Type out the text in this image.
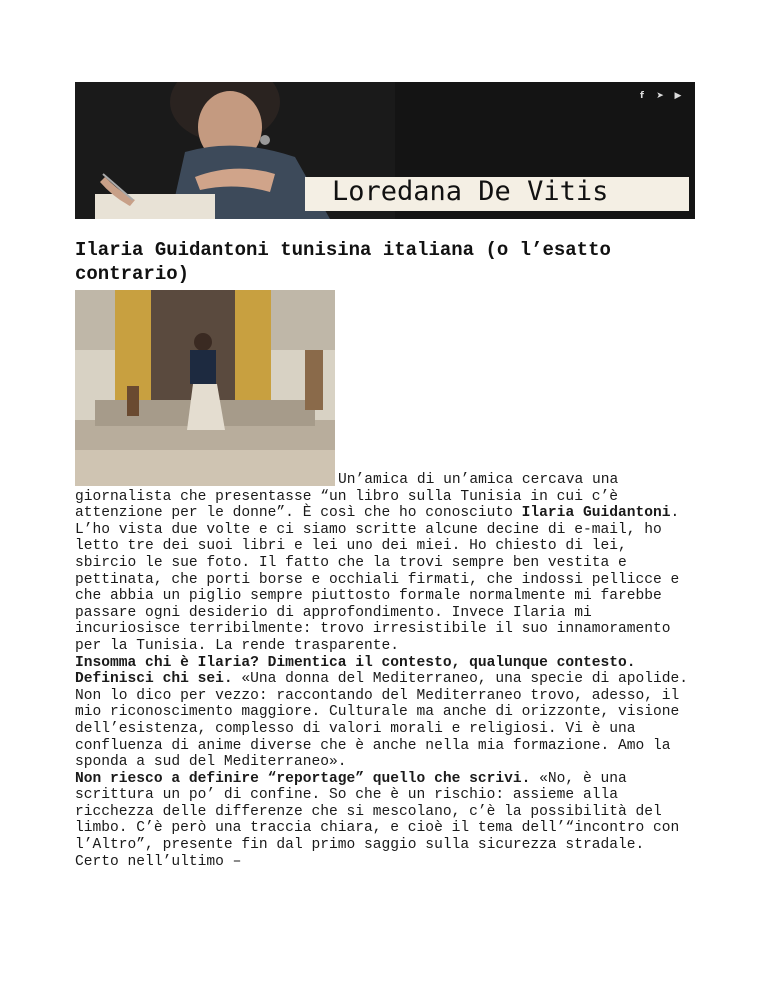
f	➤	▶
Loredana De Vitis
Ilaria Guidantoni tunisina italiana (o l’esatto contrario)

Un’amica di un’amica cercava una

giornalista che presentasse “un libro sulla Tunisia in cui c’è attenzione per le donne”. È così che ho conosciuto Ilaria Guidantoni. L’ho vista due volte e ci siamo scritte alcune decine di e-mail, ho letto tre dei suoi libri e lei uno dei miei. Ho chiesto di lei, sbircio le sue foto. Il fatto che la trovi sempre ben vestita e pettinata, che porti borse e occhiali firmati, che indossi pellicce e che abbia un piglio sempre piuttosto formale normalmente mi farebbe passare ogni desiderio di approfondimento. Invece Ilaria mi incuriosisce terribilmente: trovo irresistibile il suo innamoramento per la Tunisia. La rende trasparente.

Insomma chi è Ilaria? Dimentica il contesto, qualunque contesto. Definisci chi sei. «Una donna del Mediterraneo, una specie di apolide. Non lo dico per vezzo: raccontando del Mediterraneo trovo, adesso, il mio riconoscimento maggiore. Culturale ma anche di orizzonte, visione dell’esistenza, complesso di valori morali e religiosi. Vi è una confluenza di anime diverse che è anche nella mia formazione. Amo la sponda a sud del Mediterraneo».

Non riesco a definire “reportage” quello che scrivi. «No, è una scrittura un po’ di confine. So che è un rischio: assieme alla ricchezza delle differenze che si mescolano, c’è la possibilità del limbo. C’è però una traccia chiara, e cioè il tema dell’“incontro con l’Altro”, presente fin dal primo saggio sulla sicurezza stradale. Certo nell’ultimo –
